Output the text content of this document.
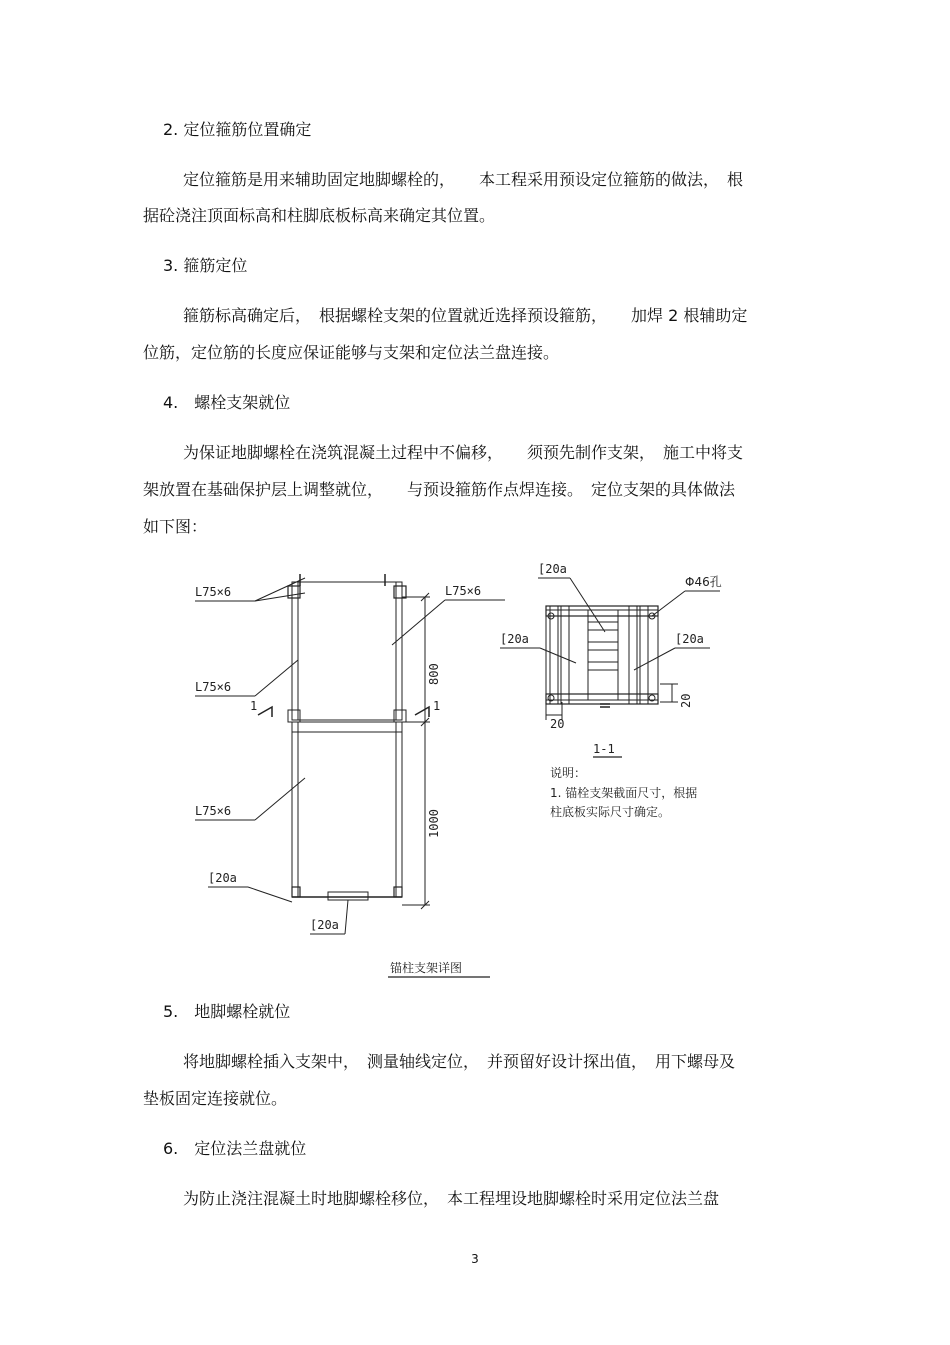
2. 定位箍筋位置确定
定位箍筋是用来辅助固定地脚螺栓的，　　本工程采用预设定位箍筋的做法，　根
据砼浇注顶面标高和柱脚底板标高来确定其位置。
3. 箍筋定位
箍筋标高确定后，　根据螺栓支架的位置就近选择预设箍筋，　　加焊 2 根辅助定
位筋，定位筋的长度应保证能够与支架和定位法兰盘连接。
4.　螺栓支架就位
为保证地脚螺栓在浇筑混凝土过程中不偏移，　　须预先制作支架，　施工中将支
架放置在基础保护层上调整就位，　　与预设箍筋作点焊连接。　定位支架的具体做法
如下图：
L75×6	L75×6
L75×6
L75×6
[20a
[20a
[20a
[20a	[20a
Φ46孔
800
1000
20
20
1	1
1-1
说明：
1. 锚栓支架截面尺寸，根据
柱底板实际尺寸确定。
锚柱支架详图
5.　地脚螺栓就位
将地脚螺栓插入支架中，　测量轴线定位，　并预留好设计探出值，　用下螺母及
垫板固定连接就位。
6.　定位法兰盘就位
为防止浇注混凝土时地脚螺栓移位，　本工程埋设地脚螺栓时采用定位法兰盘
3
